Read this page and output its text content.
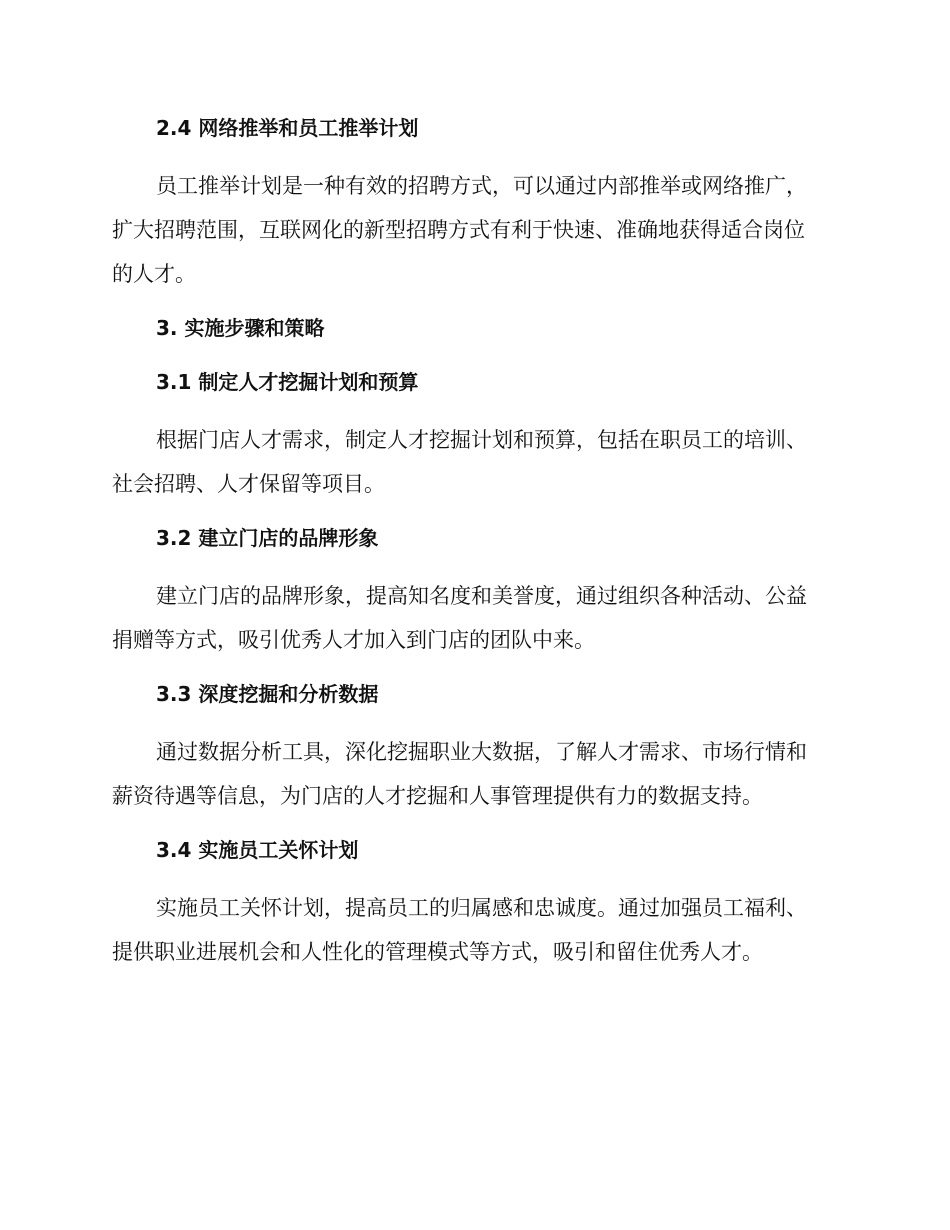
2.4 网络推举和员工推举计划
员工推举计划是一种有效的招聘方式，可以通过内部推举或网络推广，
扩大招聘范围，互联网化的新型招聘方式有利于快速、准确地获得适合岗位
的人才。
3. 实施步骤和策略
3.1 制定人才挖掘计划和预算
根据门店人才需求，制定人才挖掘计划和预算，包括在职员工的培训、
社会招聘、人才保留等项目。
3.2 建立门店的品牌形象
建立门店的品牌形象，提高知名度和美誉度，通过组织各种活动、公益
捐赠等方式，吸引优秀人才加入到门店的团队中来。
3.3 深度挖掘和分析数据
通过数据分析工具，深化挖掘职业大数据，了解人才需求、市场行情和
薪资待遇等信息，为门店的人才挖掘和人事管理提供有力的数据支持。
3.4 实施员工关怀计划
实施员工关怀计划，提高员工的归属感和忠诚度。通过加强员工福利、
提供职业进展机会和人性化的管理模式等方式，吸引和留住优秀人才。
